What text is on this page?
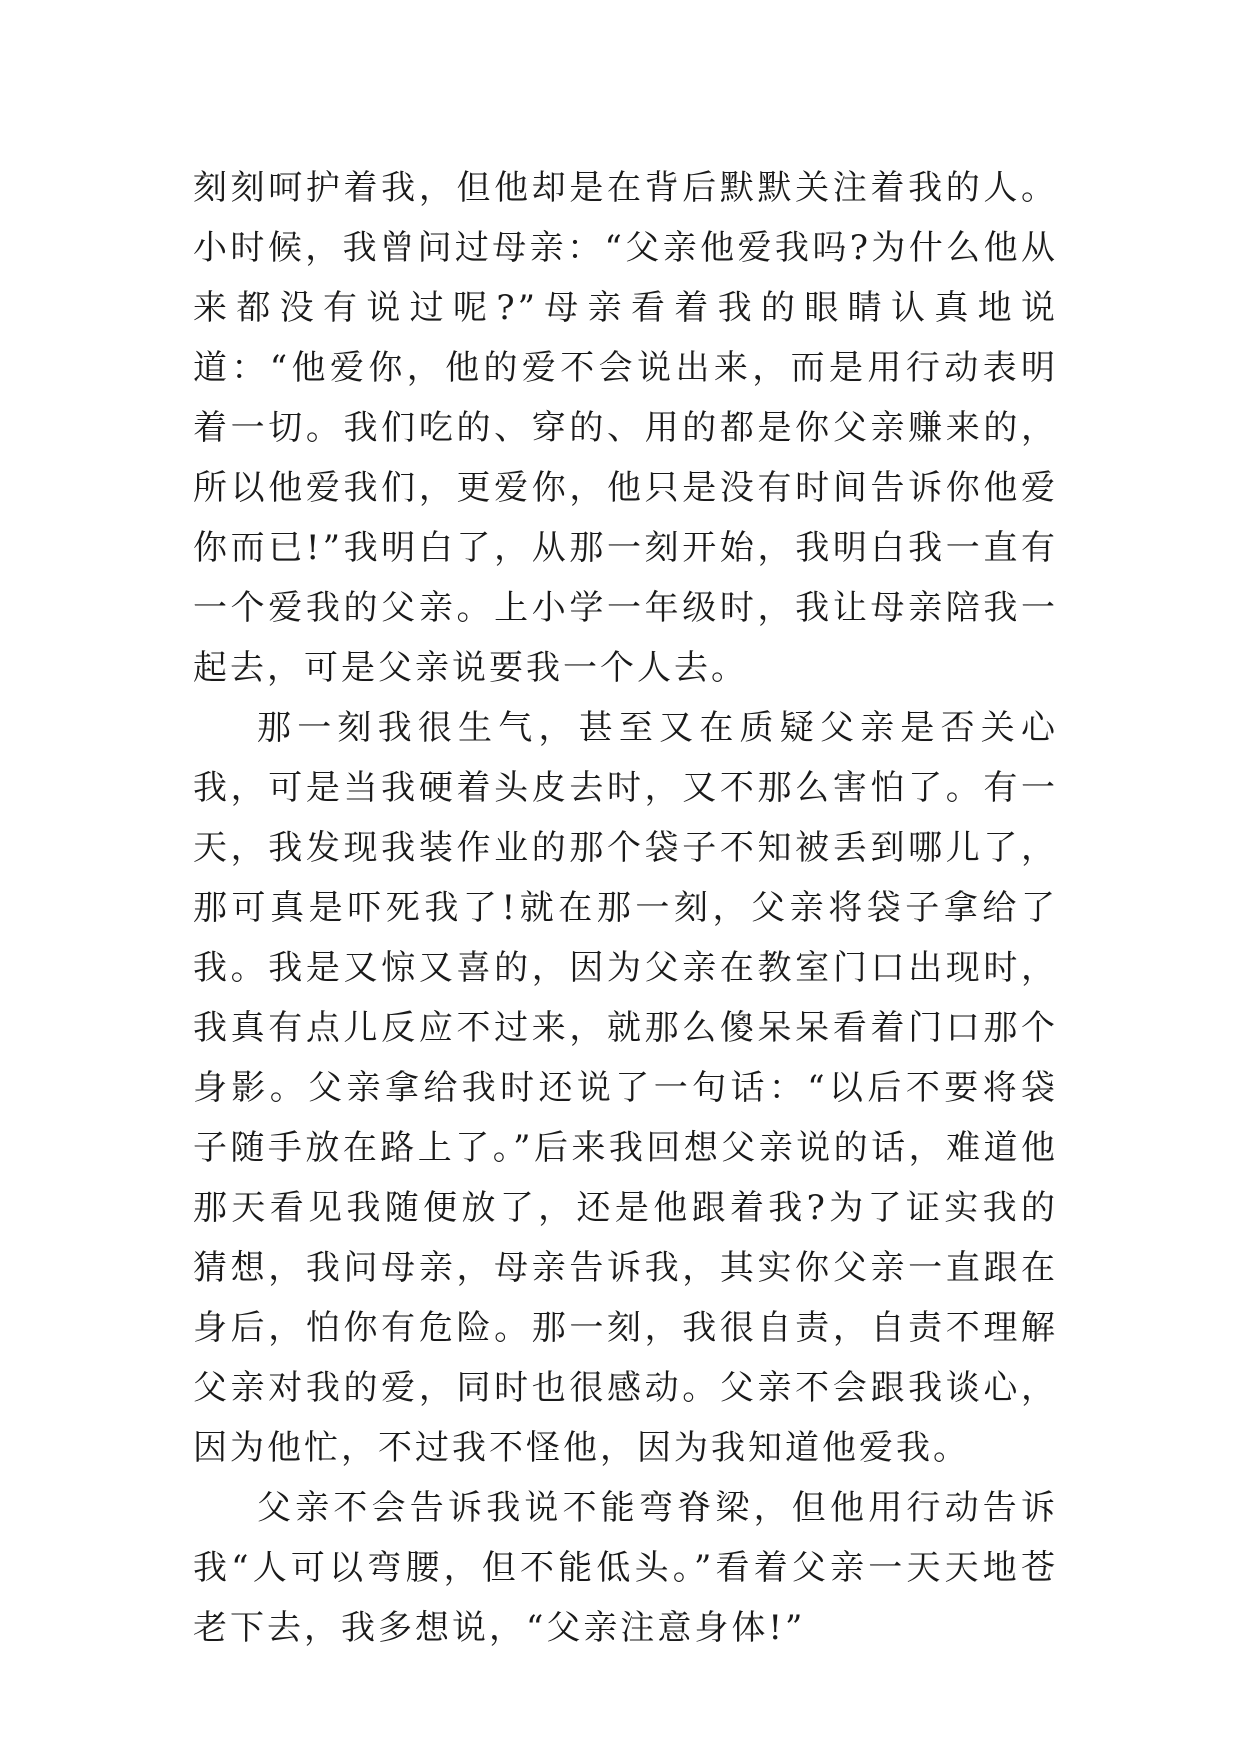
刻刻呵护着我，但他却是在背后默默关注着我的人。小时候，我曾问过母亲：“父亲他爱我吗?为什么他从来都没有说过呢?”母亲看着我的眼睛认真地说道：“他爱你，他的爱不会说出来，而是用行动表明着一切。我们吃的、穿的、用的都是你父亲赚来的，所以他爱我们，更爱你，他只是没有时间告诉你他爱你而已!”我明白了，从那一刻开始，我明白我一直有一个爱我的父亲。上小学一年级时，我让母亲陪我一起去，可是父亲说要我一个人去。

那一刻我很生气，甚至又在质疑父亲是否关心我，可是当我硬着头皮去时，又不那么害怕了。有一天，我发现我装作业的那个袋子不知被丢到哪儿了，那可真是吓死我了!就在那一刻，父亲将袋子拿给了我。我是又惊又喜的，因为父亲在教室门口出现时，我真有点儿反应不过来，就那么傻呆呆看着门口那个身影。父亲拿给我时还说了一句话：“以后不要将袋子随手放在路上了。”后来我回想父亲说的话，难道他那天看见我随便放了，还是他跟着我?为了证实我的猜想，我问母亲，母亲告诉我，其实你父亲一直跟在身后，怕你有危险。那一刻，我很自责，自责不理解父亲对我的爱，同时也很感动。父亲不会跟我谈心，因为他忙，不过我不怪他，因为我知道他爱我。

父亲不会告诉我说不能弯脊梁，但他用行动告诉我“人可以弯腰，但不能低头。”看着父亲一天天地苍老下去，我多想说，“父亲注意身体!”
